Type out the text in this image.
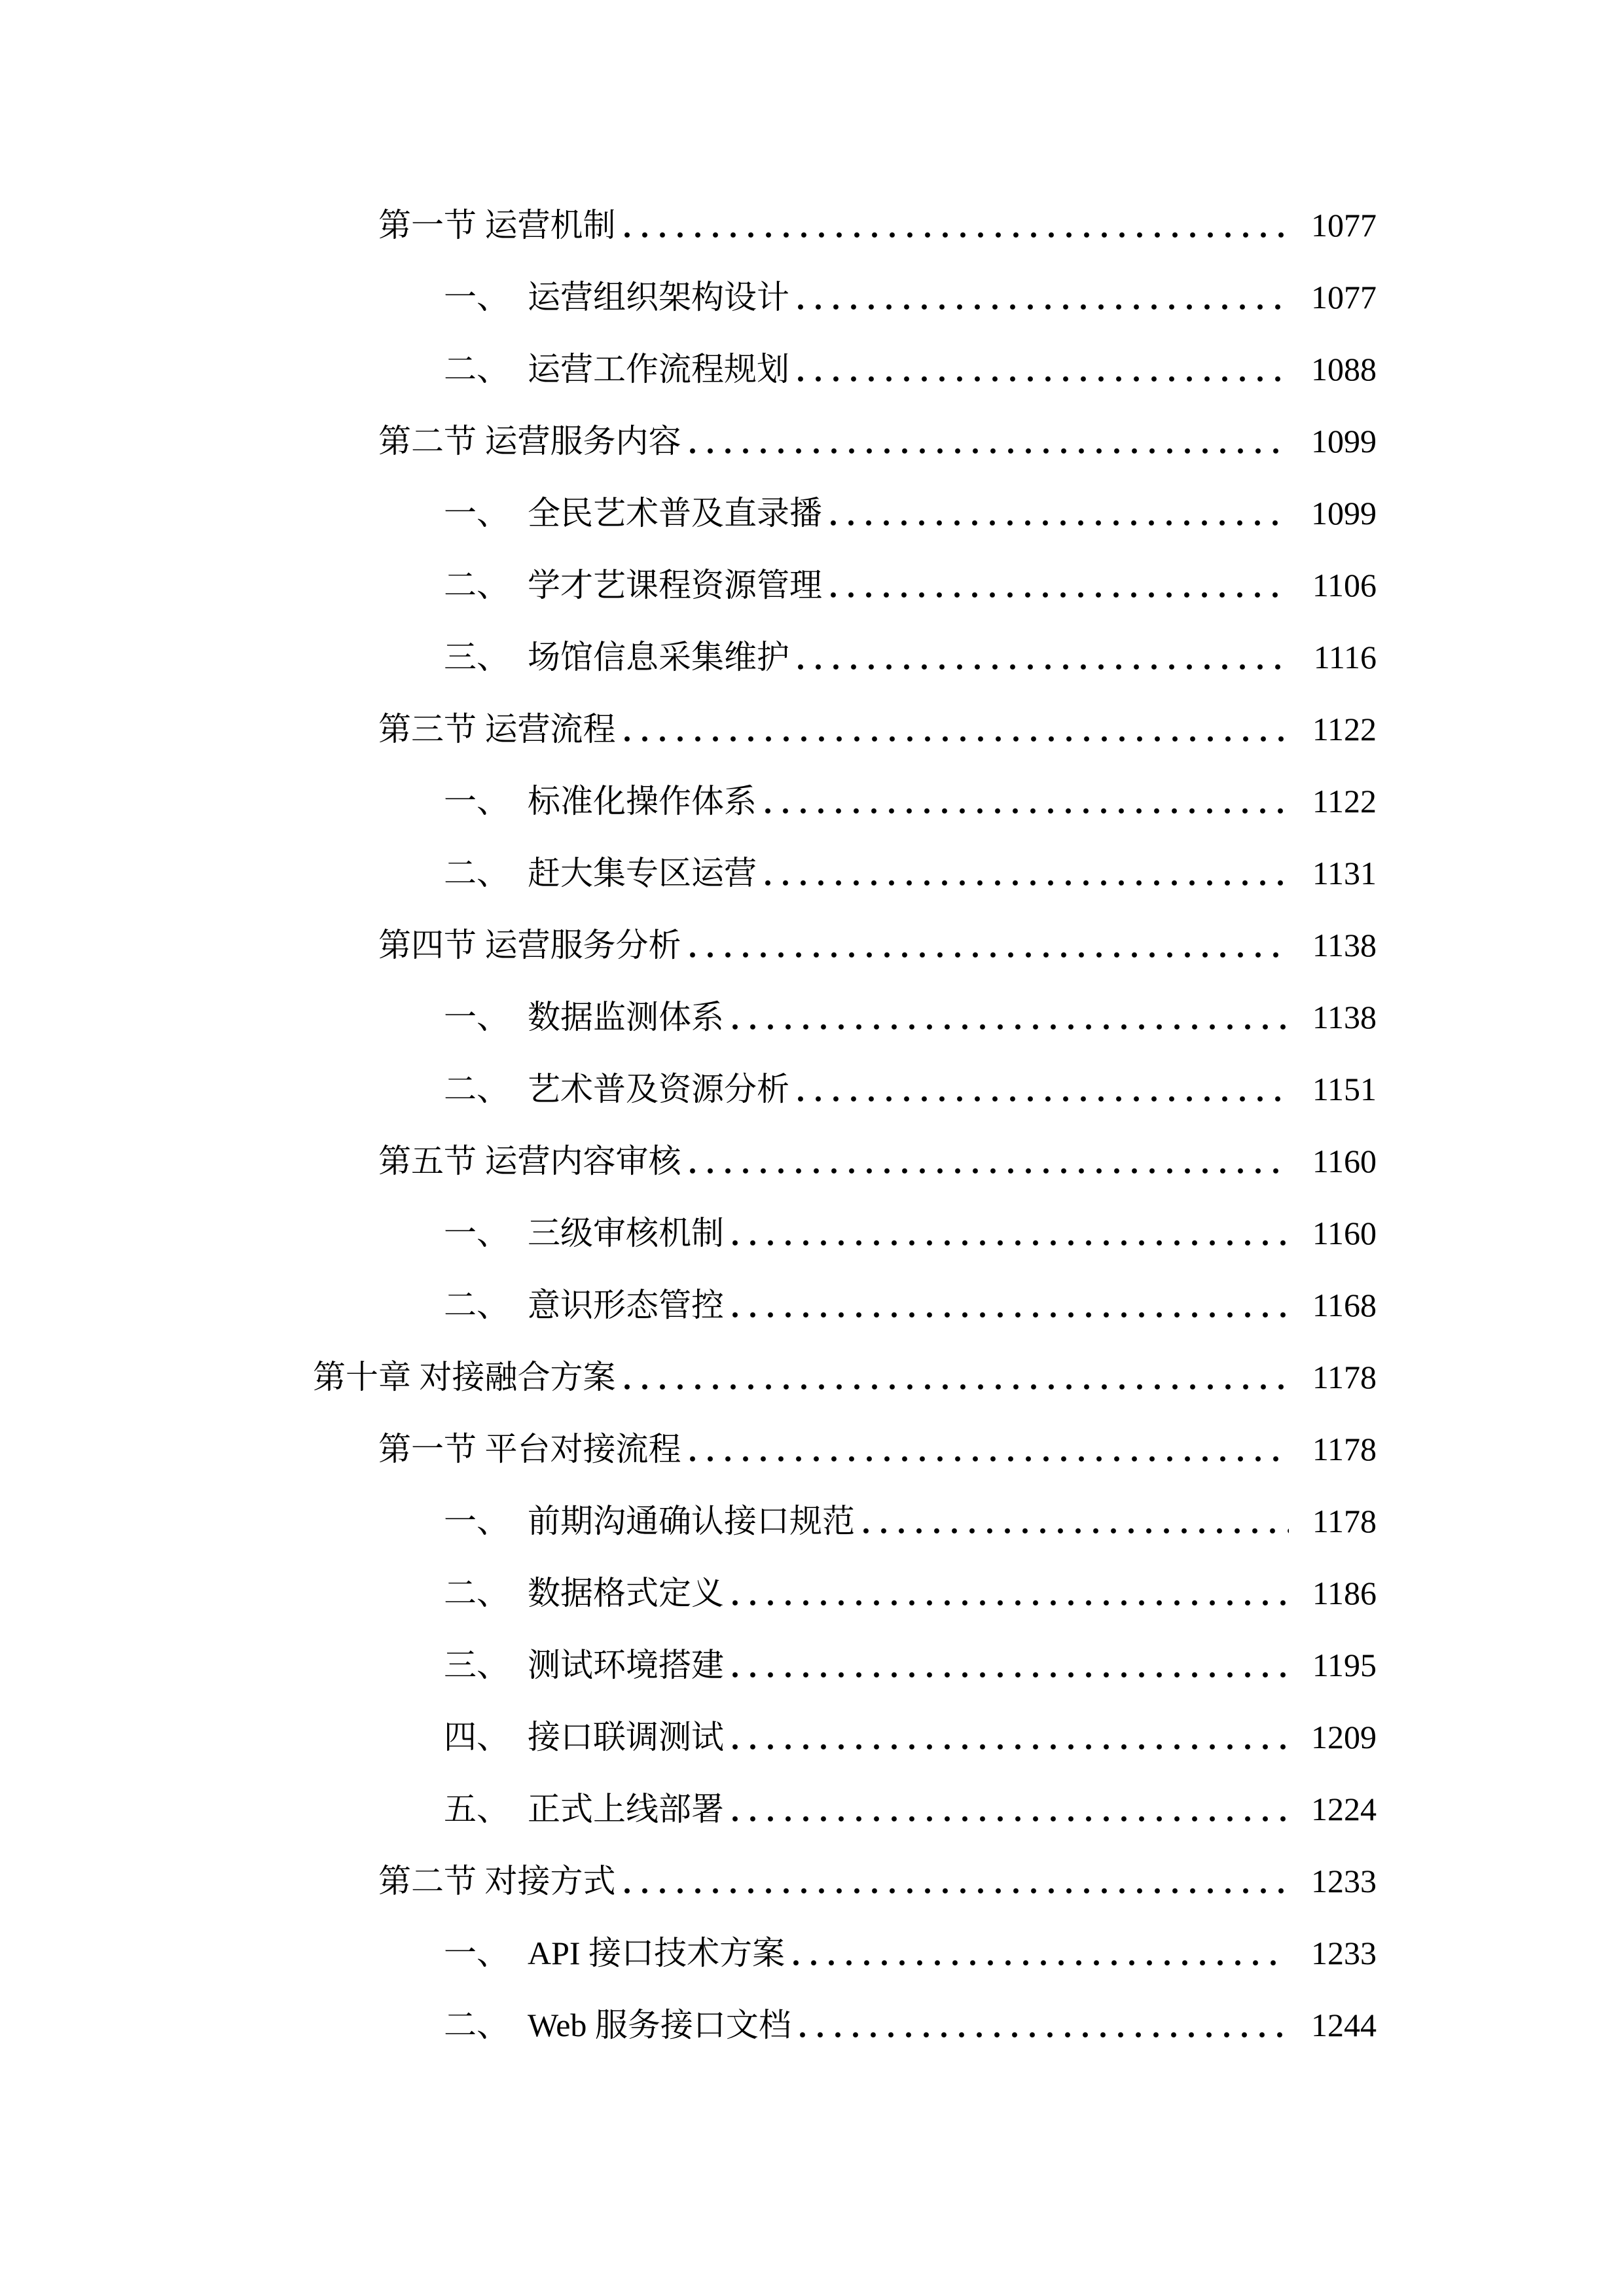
第一节 运营机制	1077
一、 运营组织架构设计	1077
二、 运营工作流程规划	1088
第二节 运营服务内容	1099
一、 全民艺术普及直录播	1099
二、 学才艺课程资源管理	1106
三、 场馆信息采集维护	1116
第三节 运营流程	1122
一、 标准化操作体系	1122
二、 赶大集专区运营	1131
第四节 运营服务分析	1138
一、 数据监测体系	1138
二、 艺术普及资源分析	1151
第五节 运营内容审核	1160
一、 三级审核机制	1160
二、 意识形态管控	1168
第十章 对接融合方案	1178
第一节 平台对接流程	1178
一、 前期沟通确认接口规范	1178
二、 数据格式定义	1186
三、 测试环境搭建	1195
四、 接口联调测试	1209
五、 正式上线部署	1224
第二节 对接方式	1233
一、 API 接口技术方案	1233
二、 Web 服务接口文档	1244
